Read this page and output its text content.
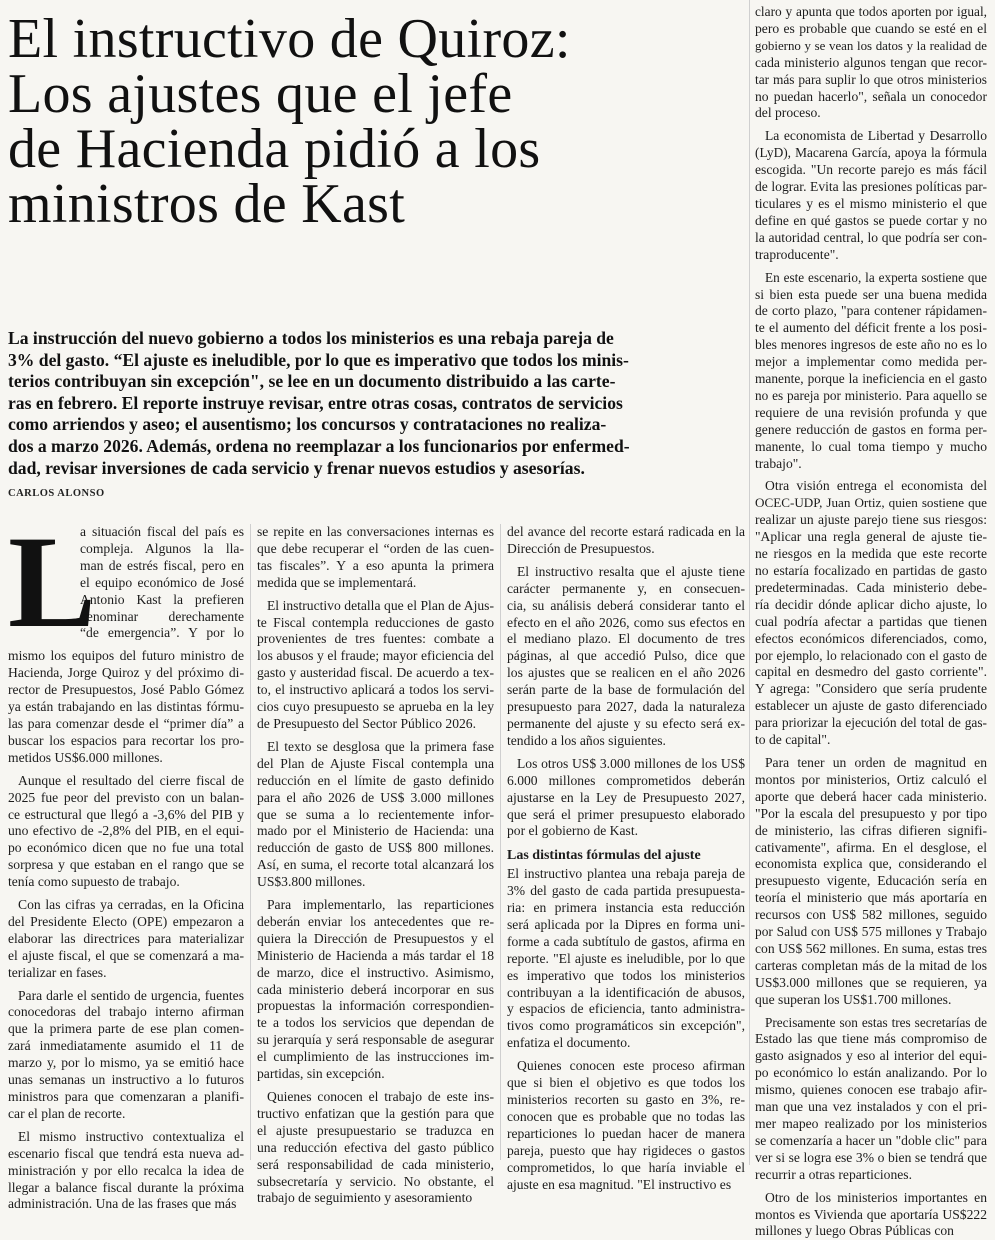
El instructivo de Quiroz:
Los ajustes que el jefe
de Hacienda pidió a los
ministros de Kast
La instrucción del nuevo gobierno a todos los ministerios es una rebaja pareja de
3% del gasto. “El ajuste es ineludible, por lo que es imperativo que todos los minis-
terios contribuyan sin excepción", se lee en un documento distribuido a las carte-
ras en febrero. El reporte instruye revisar, entre otras cosas, contratos de servicios
como arriendos y aseo; el ausentismo; los concursos y contrataciones no realiza-
dos a marzo 2026. Además, ordena no reemplazar a los funcionarios por enfermed-
dad, revisar inversiones de cada servicio y frenar nuevos estudios y asesorías.
CARLOS ALONSO
L

a situación fiscal del país es
compleja. Algunos la lla-
man de estrés fiscal, pero en
el equipo económico de José
Antonio Kast la prefieren
denominar derechamente
“de emergencia”. Y por lo

mismo los equipos del futuro ministro de
Hacienda, Jorge Quiroz y del próximo di-
rector de Presupuestos, José Pablo Gómez
ya están trabajando en las distintas fórmu-
las para comenzar desde el “primer día” a
buscar los espacios para recortar los pro-
metidos US$6.000 millones.

Aunque el resultado del cierre fiscal de
2025 fue peor del previsto con un balan-
ce estructural que llegó a -3,6% del PIB y
uno efectivo de -2,8% del PIB, en el equi-
po económico dicen que no fue una total
sorpresa y que estaban en el rango que se
tenía como supuesto de trabajo.

Con las cifras ya cerradas, en la Oficina
del Presidente Electo (OPE) empezaron a
elaborar las directrices para materializar
el ajuste fiscal, el que se comenzará a ma-
terializar en fases.

Para darle el sentido de urgencia, fuentes
conocedoras del trabajo interno afirman
que la primera parte de ese plan comen-
zará inmediatamente asumido el 11 de
marzo y, por lo mismo, ya se emitió hace
unas semanas un instructivo a lo futuros
ministros para que comenzaran a planifi-
car el plan de recorte.

El mismo instructivo contextualiza el
escenario fiscal que tendrá esta nueva ad-
ministración y por ello recalca la idea de
llegar a balance fiscal durante la próxima
administración. Una de las frases que más

se repite en las conversaciones internas es
que debe recuperar el “orden de las cuen-
tas fiscales”. Y a eso apunta la primera
medida que se implementará.

El instructivo detalla que el Plan de Ajus-
te Fiscal contempla reducciones de gasto
provenientes de tres fuentes: combate a
los abusos y el fraude; mayor eficiencia del
gasto y austeridad fiscal. De acuerdo a tex-
to, el instructivo aplicará a todos los servi-
cios cuyo presupuesto se aprueba en la ley
de Presupuesto del Sector Público 2026.

El texto se desglosa que la primera fase
del Plan de Ajuste Fiscal contempla una
reducción en el límite de gasto definido
para el año 2026 de US$ 3.000 millones
que se suma a lo recientemente infor-
mado por el Ministerio de Hacienda: una
reducción de gasto de US$ 800 millones.
Así, en suma, el recorte total alcanzará los
US$3.800 millones.

Para implementarlo, las reparticiones
deberán enviar los antecedentes que re-
quiera la Dirección de Presupuestos y el
Ministerio de Hacienda a más tardar el 18
de marzo, dice el instructivo. Asimismo,
cada ministerio deberá incorporar en sus
propuestas la información correspondien-
te a todos los servicios que dependan de
su jerarquía y será responsable de asegurar
el cumplimiento de las instrucciones im-
partidas, sin excepción.

Quienes conocen el trabajo de este ins-
tructivo enfatizan que la gestión para que
el ajuste presupuestario se traduzca en
una reducción efectiva del gasto público
será responsabilidad de cada ministerio,
subsecretaría y servicio. No obstante, el
trabajo de seguimiento y asesoramiento

del avance del recorte estará radicada en la
Dirección de Presupuestos.

El instructivo resalta que el ajuste tiene
carácter permanente y, en consecuen-
cia, su análisis deberá considerar tanto el
efecto en el año 2026, como sus efectos en
el mediano plazo. El documento de tres
páginas, al que accedió Pulso, dice que
los ajustes que se realicen en el año 2026
serán parte de la base de formulación del
presupuesto para 2027, dada la naturaleza
permanente del ajuste y su efecto será ex-
tendido a los años siguientes.

Los otros US$ 3.000 millones de los US$
6.000 millones comprometidos deberán
ajustarse en la Ley de Presupuesto 2027,
que será el primer presupuesto elaborado
por el gobierno de Kast.

Las distintas fórmulas del ajuste

El instructivo plantea una rebaja pareja de
3% del gasto de cada partida presupuesta-
ria: en primera instancia esta reducción
será aplicada por la Dipres en forma uni-
forme a cada subtítulo de gastos, afirma en
reporte. "El ajuste es ineludible, por lo que
es imperativo que todos los ministerios
contribuyan a la identificación de abusos,
y espacios de eficiencia, tanto administra-
tivos como programáticos sin excepción",
enfatiza el documento.

Quienes conocen este proceso afirman
que si bien el objetivo es que todos los
ministerios recorten su gasto en 3%, re-
conocen que es probable que no todas las
reparticiones lo puedan hacer de manera
pareja, puesto que hay rigideces o gastos
comprometidos, lo que haría inviable el
ajuste en esa magnitud. "El instructivo es

claro y apunta que todos aporten por igual,
pero es probable que cuando se esté en el
gobierno y se vean los datos y la realidad de
cada ministerio algunos tengan que recor-
tar más para suplir lo que otros ministerios
no puedan hacerlo", señala un conocedor
del proceso.

La economista de Libertad y Desarrollo
(LyD), Macarena García, apoya la fórmula
escogida. "Un recorte parejo es más fácil
de lograr. Evita las presiones políticas par-
ticulares y es el mismo ministerio el que
define en qué gastos se puede cortar y no
la autoridad central, lo que podría ser con-
traproducente".

En este escenario, la experta sostiene que
si bien esta puede ser una buena medida
de corto plazo, "para contener rápidamen-
te el aumento del déficit frente a los posi-
bles menores ingresos de este año no es lo
mejor a implementar como medida per-
manente, porque la ineficiencia en el gasto
no es pareja por ministerio. Para aquello se
requiere de una revisión profunda y que
genere reducción de gastos en forma per-
manente, lo cual toma tiempo y mucho
trabajo".

Otra visión entrega el economista del
OCEC-UDP, Juan Ortiz, quien sostiene que
realizar un ajuste parejo tiene sus riesgos:
"Aplicar una regla general de ajuste tie-
ne riesgos en la medida que este recorte
no estaría focalizado en partidas de gasto
predeterminadas. Cada ministerio debe-
ría decidir dónde aplicar dicho ajuste, lo
cual podría afectar a partidas que tienen
efectos económicos diferenciados, como,
por ejemplo, lo relacionado con el gasto de
capital en desmedro del gasto corriente".
Y agrega: "Considero que sería prudente
establecer un ajuste de gasto diferenciado
para priorizar la ejecución del total de gas-
to de capital".

Para tener un orden de magnitud en
montos por ministerios, Ortiz calculó el
aporte que deberá hacer cada ministerio.
"Por la escala del presupuesto y por tipo
de ministerio, las cifras difieren signifi-
cativamente", afirma. En el desglose, el
economista explica que, considerando el
presupuesto vigente, Educación sería en
teoría el ministerio que más aportaría en
recursos con US$ 582 millones, seguido
por Salud con US$ 575 millones y Trabajo
con US$ 562 millones. En suma, estas tres
carteras completan más de la mitad de los
US$3.000 millones que se requieren, ya
que superan los US$1.700 millones.

Precisamente son estas tres secretarías de
Estado las que tiene más compromiso de
gasto asignados y eso al interior del equi-
po económico lo están analizando. Por lo
mismo, quienes conocen ese trabajo afir-
man que una vez instalados y con el pri-
mer mapeo realizado por los ministerios
se comenzaría a hacer un "doble clic" para
ver si se logra ese 3% o bien se tendrá que
recurrir a otras reparticiones.

Otro de los ministerios importantes en
montos es Vivienda que aportaría US$222
millones y luego Obras Públicas con
